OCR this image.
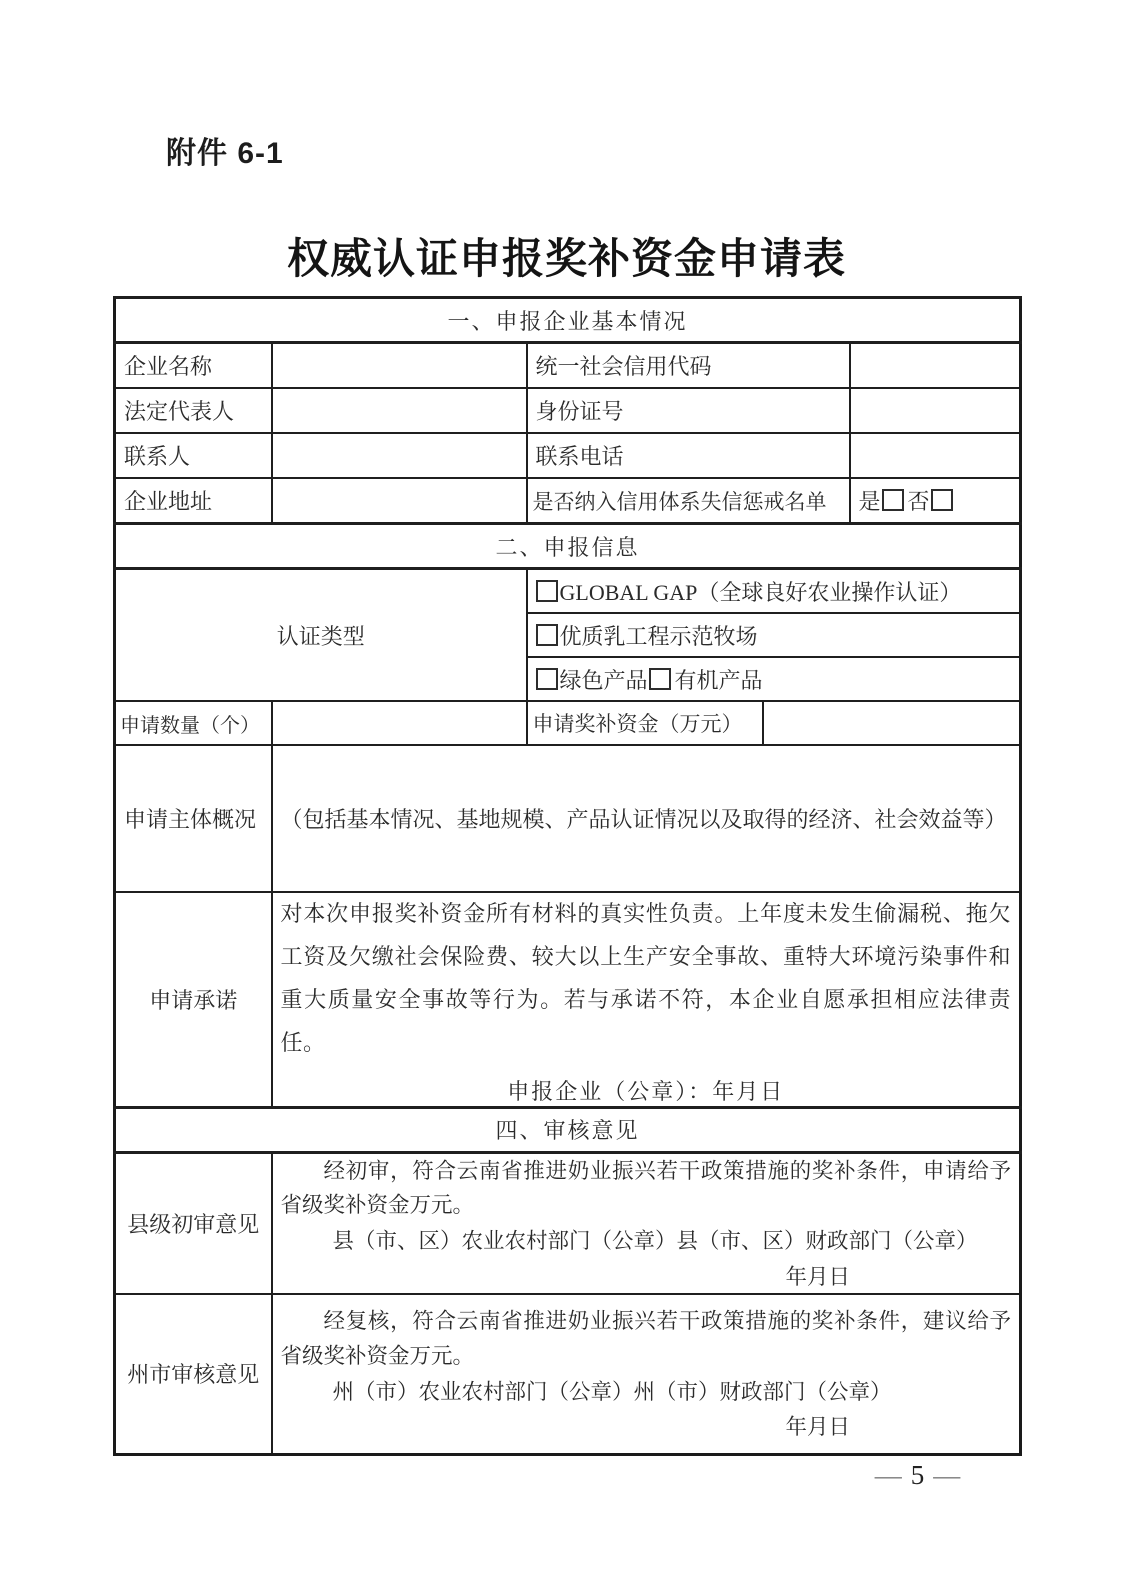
附件 6-1
权威认证申报奖补资金申请表
一、申报企业基本情况				
企业名称		统一社会信用代码		
法定代表人		身份证号		
联系人		联系电话		
企业地址		是否纳入信用体系失信惩戒名单		是 否
二、申报信息				
认证类型		GLOBAL GAP（全球良好农业操作认证）		
		优质乳工程示范牧场		
		绿色产品 有机产品		
申请数量（个）		申请奖补资金（万元）		
申请主体概况	（包括基本情况、基地规模、产品认证情况以及取得的经济、社会效益等）			
申请承诺	对本次申报奖补资金所有材料的真实性负责。上年度未发生偷漏税、拖欠工资及欠缴社会保险费、较大以上生产安全事故、重特大环境污染事件和重大质量安全事故等行为。若与承诺不符，本企业自愿承担相应法律责任。

申报企业（公章）：年月日			

四、审核意见				
县级初审意见	经初审，符合云南省推进奶业振兴若干政策措施的奖补条件，申请给予省级奖补资金万元。

县（市、区）农业农村部门（公章）县（市、区）财政部门（公章）

年月日			

州市审核意见	经复核，符合云南省推进奶业振兴若干政策措施的奖补条件，建议给予省级奖补资金万元。

州（市）农业农村部门（公章）州（市）财政部门（公章）

年月日			

— 5 —
